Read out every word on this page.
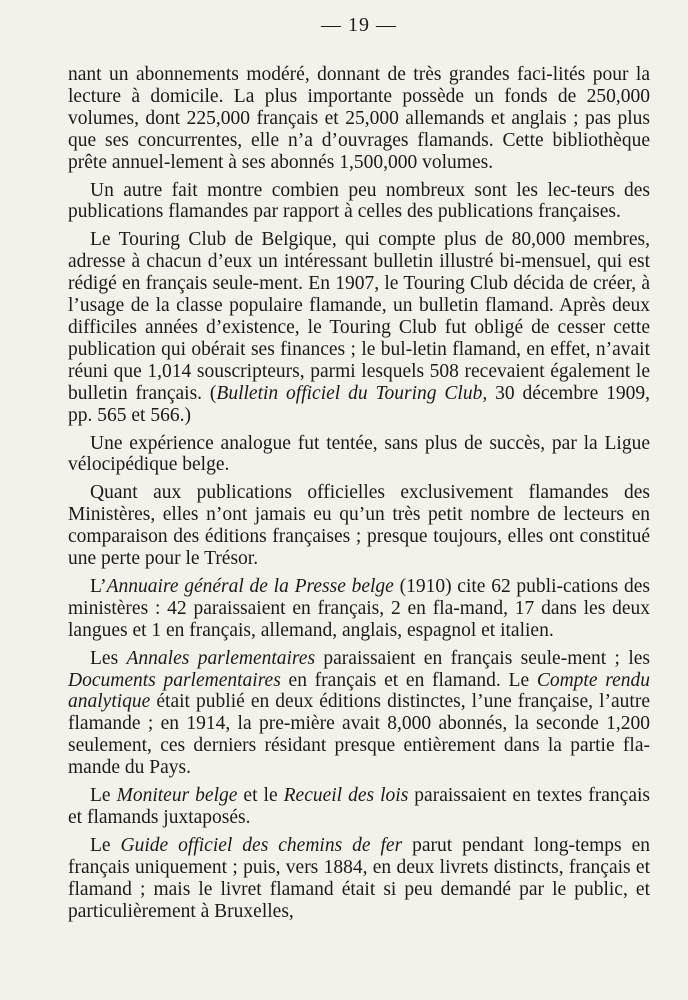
— 19 —

nant un abonnements modéré, donnant de très grandes faci-lités pour la lecture à domicile. La plus importante possède un fonds de 250,000 volumes, dont 225,000 français et 25,000 allemands et anglais ; pas plus que ses concurrentes, elle n’a d’ouvrages flamands. Cette bibliothèque prête annuel-lement à ses abonnés 1,500,000 volumes.

Un autre fait montre combien peu nombreux sont les lec-teurs des publications flamandes par rapport à celles des publications françaises.

Le Touring Club de Belgique, qui compte plus de 80,000 membres, adresse à chacun d’eux un intéressant bulletin illustré bi-mensuel, qui est rédigé en français seule-ment. En 1907, le Touring Club décida de créer, à l’usage de la classe populaire flamande, un bulletin flamand. Après deux difficiles années d’existence, le Touring Club fut obligé de cesser cette publication qui obérait ses finances ; le bul-letin flamand, en effet, n’avait réuni que 1,014 souscripteurs, parmi lesquels 508 recevaient également le bulletin français. (Bulletin officiel du Touring Club, 30 décembre 1909, pp. 565 et 566.)

Une expérience analogue fut tentée, sans plus de succès, par la Ligue vélocipédique belge.

Quant aux publications officielles exclusivement flamandes des Ministères, elles n’ont jamais eu qu’un très petit nombre de lecteurs en comparaison des éditions françaises ; presque toujours, elles ont constitué une perte pour le Trésor.

L’Annuaire général de la Presse belge (1910) cite 62 publi-cations des ministères : 42 paraissaient en français, 2 en fla-mand, 17 dans les deux langues et 1 en français, allemand, anglais, espagnol et italien.

Les Annales parlementaires paraissaient en français seule-ment ; les Documents parlementaires en français et en flamand. Le Compte rendu analytique était publié en deux éditions distinctes, l’une française, l’autre flamande ; en 1914, la pre-mière avait 8,000 abonnés, la seconde 1,200 seulement, ces derniers résidant presque entièrement dans la partie fla-mande du Pays.

Le Moniteur belge et le Recueil des lois paraissaient en textes français et flamands juxtaposés.

Le Guide officiel des chemins de fer parut pendant long-temps en français uniquement ; puis, vers 1884, en deux livrets distincts, français et flamand ; mais le livret flamand était si peu demandé par le public, et particulièrement à Bruxelles,
